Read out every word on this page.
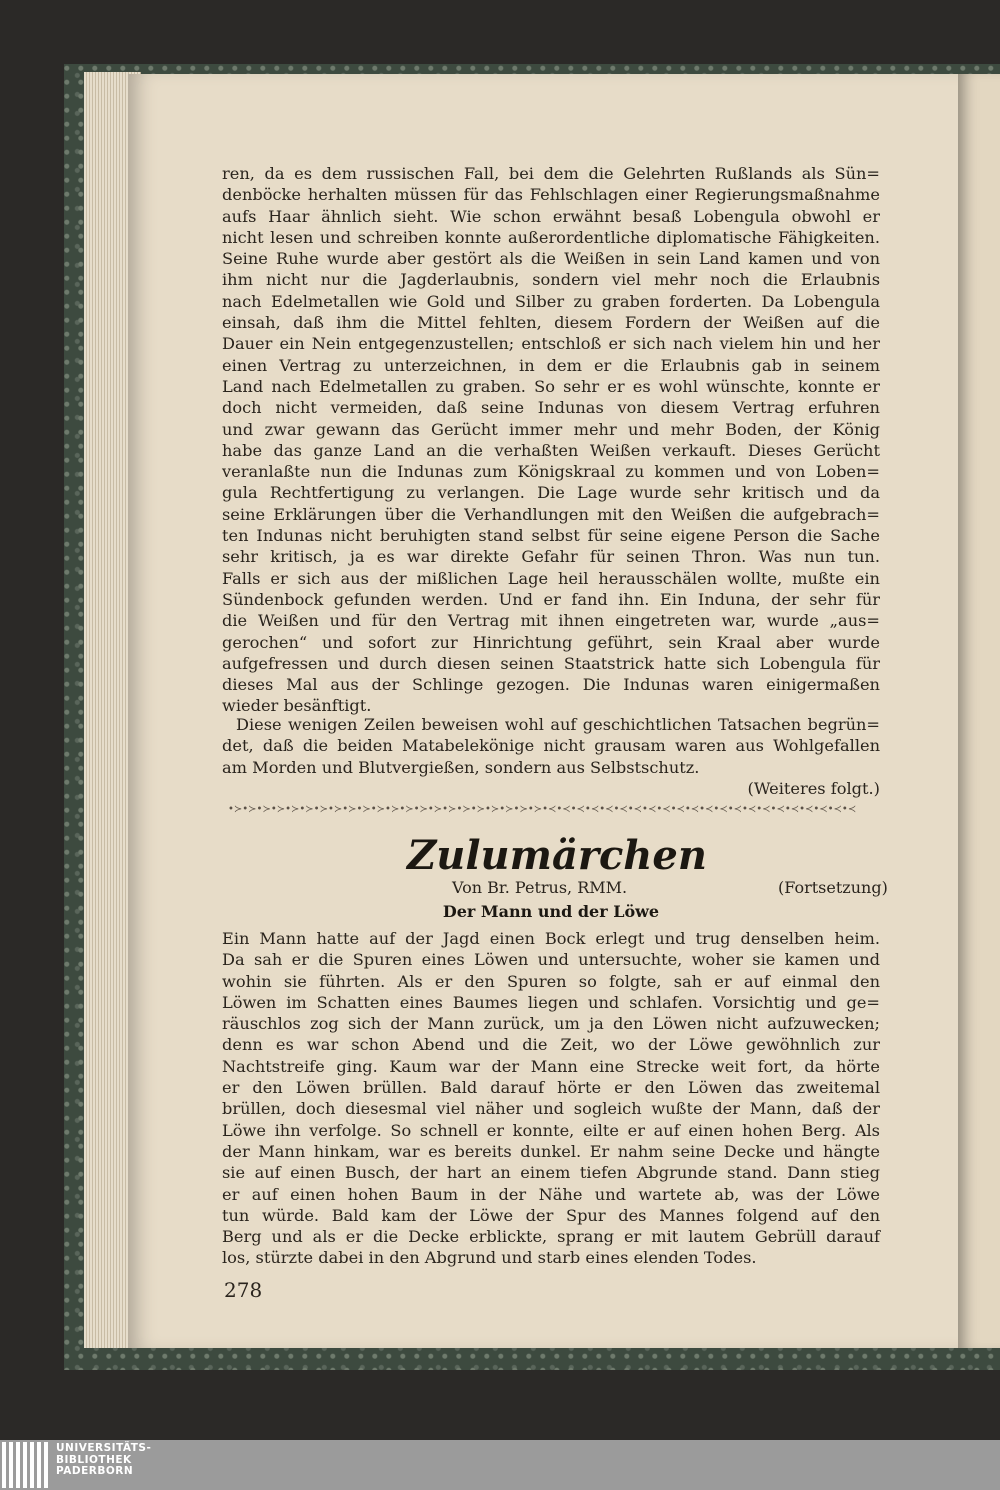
ren, da es dem russischen Fall, bei dem die Gelehrten Rußlands als Sün=
denböcke herhalten müssen für das Fehlschlagen einer Regierungsmaßnahme
aufs Haar ähnlich sieht. Wie schon erwähnt besaß Lobengula obwohl er
nicht lesen und schreiben konnte außerordentliche diplomatische Fähigkeiten.
Seine Ruhe wurde aber gestört als die Weißen in sein Land kamen und von
ihm nicht nur die Jagderlaubnis, sondern viel mehr noch die Erlaubnis
nach Edelmetallen wie Gold und Silber zu graben forderten. Da Lobengula
einsah, daß ihm die Mittel fehlten, diesem Fordern der Weißen auf die
Dauer ein Nein entgegenzustellen; entschloß er sich nach vielem hin und her
einen Vertrag zu unterzeichnen, in dem er die Erlaubnis gab in seinem
Land nach Edelmetallen zu graben. So sehr er es wohl wünschte, konnte er
doch nicht vermeiden, daß seine Indunas von diesem Vertrag erfuhren
und zwar gewann das Gerücht immer mehr und mehr Boden, der König
habe das ganze Land an die verhaßten Weißen verkauft. Dieses Gerücht
veranlaßte nun die Indunas zum Königskraal zu kommen und von Loben=
gula Rechtfertigung zu verlangen. Die Lage wurde sehr kritisch und da
seine Erklärungen über die Verhandlungen mit den Weißen die aufgebrach=
ten Indunas nicht beruhigten stand selbst für seine eigene Person die Sache
sehr kritisch, ja es war direkte Gefahr für seinen Thron. Was nun tun.
Falls er sich aus der mißlichen Lage heil herausschälen wollte, mußte ein
Sündenbock gefunden werden. Und er fand ihn. Ein Induna, der sehr für
die Weißen und für den Vertrag mit ihnen eingetreten war, wurde „aus=
gerochen“ und sofort zur Hinrichtung geführt, sein Kraal aber wurde
aufgefressen und durch diesen seinen Staatstrick hatte sich Lobengula für
dieses Mal aus der Schlinge gezogen. Die Indunas waren einigermaßen
wieder besänftigt.
Diese wenigen Zeilen beweisen wohl auf geschichtlichen Tatsachen begrün=
det, daß die beiden Matabelekönige nicht grausam waren aus Wohlgefallen
am Morden und Blutvergießen, sondern aus Selbstschutz.
(Weiteres folgt.)
•≻•≻•≻•≻•≻•≻•≻•≻•≻•≻•≻•≻•≻•≻•≻•≻•≻•≻•≻•≻•≻•≻•≺•≺•≺•≺•≺•≺•≺•≺•≺•≺•≺•≺•≺•≺•≺•≺•≺•≺•≺•≺•≺•≺
Zulumärchen
Von Br. Petrus, RMM.	(Fortsetzung)
Der Mann und der Löwe
Ein Mann hatte auf der Jagd einen Bock erlegt und trug denselben heim.
Da sah er die Spuren eines Löwen und untersuchte, woher sie kamen und
wohin sie führten. Als er den Spuren so folgte, sah er auf einmal den
Löwen im Schatten eines Baumes liegen und schlafen. Vorsichtig und ge=
räuschlos zog sich der Mann zurück, um ja den Löwen nicht aufzuwecken;
denn es war schon Abend und die Zeit, wo der Löwe gewöhnlich zur
Nachtstreife ging. Kaum war der Mann eine Strecke weit fort, da hörte
er den Löwen brüllen. Bald darauf hörte er den Löwen das zweitemal
brüllen, doch diesesmal viel näher und sogleich wußte der Mann, daß der
Löwe ihn verfolge. So schnell er konnte, eilte er auf einen hohen Berg. Als
der Mann hinkam, war es bereits dunkel. Er nahm seine Decke und hängte
sie auf einen Busch, der hart an einem tiefen Abgrunde stand. Dann stieg
er auf einen hohen Baum in der Nähe und wartete ab, was der Löwe
tun würde. Bald kam der Löwe der Spur des Mannes folgend auf den
Berg und als er die Decke erblickte, sprang er mit lautem Gebrüll darauf
los, stürzte dabei in den Abgrund und starb eines elenden Todes.
278
UNIVERSITÄTS-
BIBLIOTHEK
PADERBORN
